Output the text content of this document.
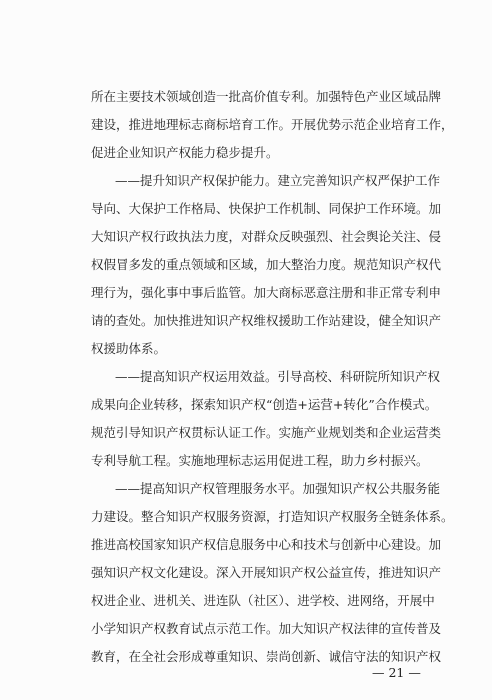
所在主要技术领域创造一批高价值专利。加强特色产业区域品牌
建设，推进地理标志商标培育工作。开展优势示范企业培育工作，
促进企业知识产权能力稳步提升。
——提升知识产权保护能力。建立完善知识产权严保护工作
导向、大保护工作格局、快保护工作机制、同保护工作环境。加
大知识产权行政执法力度，对群众反映强烈、社会舆论关注、侵
权假冒多发的重点领域和区域，加大整治力度。规范知识产权代
理行为，强化事中事后监管。加大商标恶意注册和非正常专利申
请的查处。加快推进知识产权维权援助工作站建设，健全知识产
权援助体系。
——提高知识产权运用效益。引导高校、科研院所知识产权
成果向企业转移，探索知识产权“创造+运营+转化”合作模式。
规范引导知识产权贯标认证工作。实施产业规划类和企业运营类
专利导航工程。实施地理标志运用促进工程，助力乡村振兴。
——提高知识产权管理服务水平。加强知识产权公共服务能
力建设。整合知识产权服务资源，打造知识产权服务全链条体系。
推进高校国家知识产权信息服务中心和技术与创新中心建设。加
强知识产权文化建设。深入开展知识产权公益宣传，推进知识产
权进企业、进机关、进连队（社区）、进学校、进网络，开展中
小学知识产权教育试点示范工作。加大知识产权法律的宣传普及
教育，在全社会形成尊重知识、崇尚创新、诚信守法的知识产权
— 21 —
